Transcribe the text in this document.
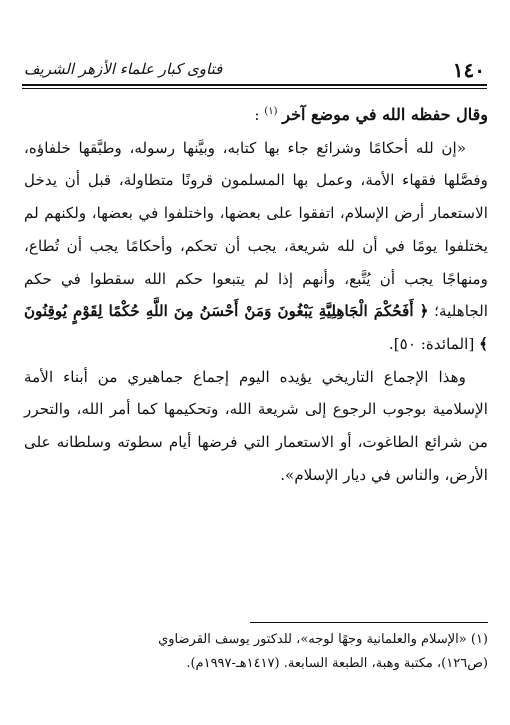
١٤٠
فتاوى كبار علماء الأزهر الشريف

وقال حفظه الله في موضع آخر $^{(١)}$ :

«إن لله أحكامًا وشرائع جاء بها كتابه، وبيَّنها رسوله، وطبَّقها خلفاؤه، وفصَّلها فقهاء الأمة، وعمل بها المسلمون قرونًا متطاولة، قبل أن يدخل الاستعمار أرض الإسلام، اتفقوا على بعضها، واختلفوا في بعضها، ولكنهم لم يختلفوا يومًا في أن لله شريعة، يجب أن تحكم، وأحكامًا يجب أن تُطاع، ومنهاجًا يجب أن يُتَّبع، وأنهم إذا لم يتبعوا حكم الله سقطوا في حكم الجاهلية؛ ﴿ أَفَحُكْمَ الْجَاهِلِيَّةِ يَبْغُونَ وَمَنْ أَحْسَنُ مِنَ اللَّهِ حُكْمًا لِقَوْمٍ يُوقِنُونَ ﴾ [المائدة: ٥٠].

وهذا الإجماع التاريخي يؤيده اليوم إجماع جماهيري من أبناء الأمة الإسلامية بوجوب الرجوع إلى شريعة الله، وتحكيمها كما أمر الله، والتحرر من شرائع الطاغوت، أو الاستعمار التي فرضها أيام سطوته وسلطانه على الأرض، والناس في ديار الإسلام».

(١) «الإسلام والعلمانية وجهًا لوجه»، للدكتور يوسف القرضاوي

(ص١٢٦)، مكتبة وهبة، الطبعة السابعة. (١٤١٧هـ-١٩٩٧م).
